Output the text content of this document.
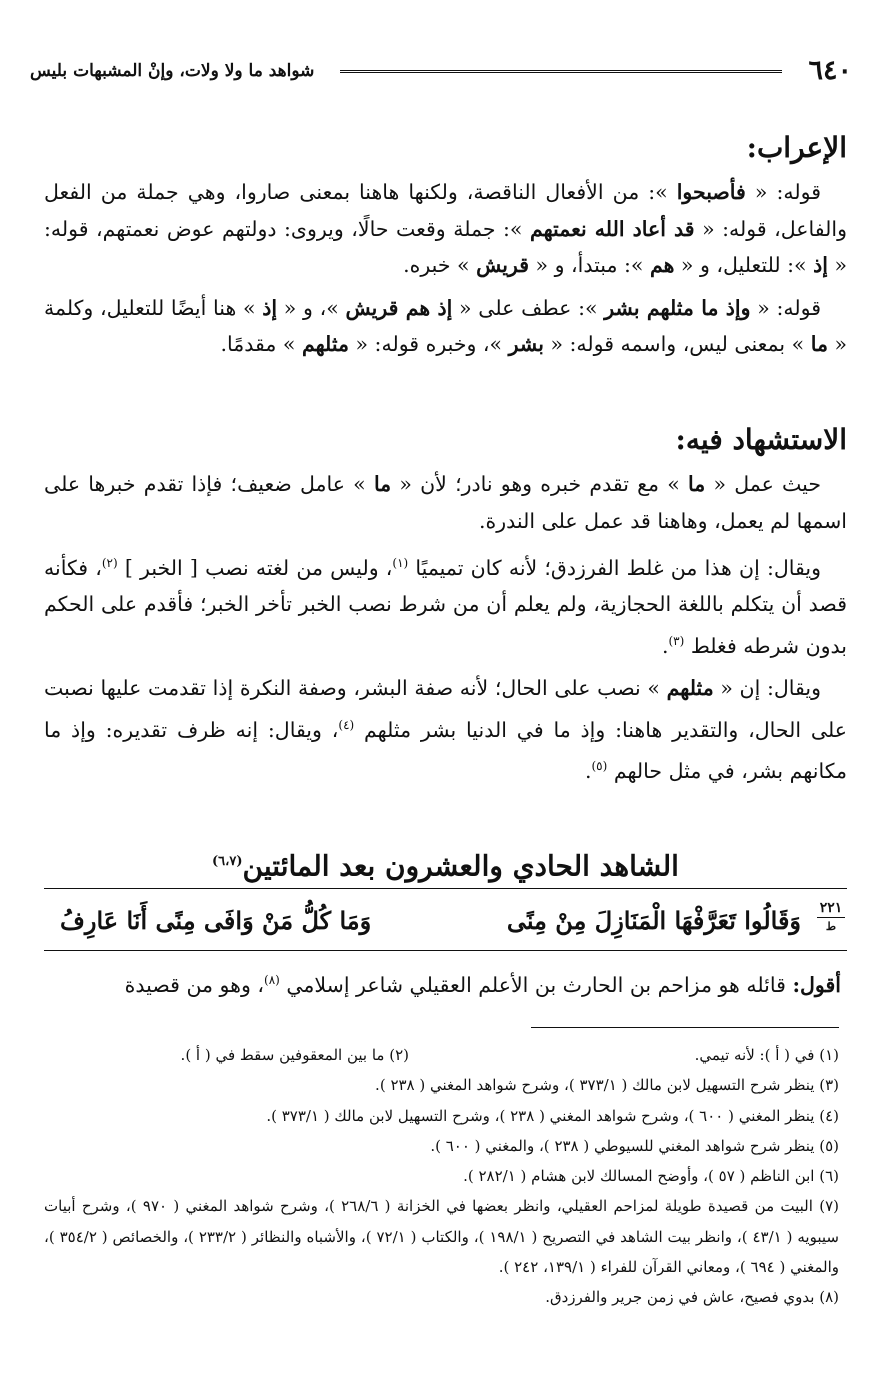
٦٤٠
شواهد ما ولا ولات، وإنْ المشبهات بليس
الإعراب:

قوله: « فأصبحوا »: من الأفعال الناقصة، ولكنها هاهنا بمعنى صاروا، وهي جملة من الفعل والفاعل، قوله: « قد أعاد الله نعمتهم »: جملة وقعت حالًا، ويروى: دولتهم عوض نعمتهم، قوله: « إذ »: للتعليل، و « هم »: مبتدأ، و « قريش » خبره.

قوله: « وإذ ما مثلهم بشر »: عطف على « إذ هم قريش »، و « إذ » هنا أيضًا للتعليل، وكلمة « ما » بمعنى ليس، واسمه قوله: « بشر »، وخبره قوله: « مثلهم » مقدمًا.

الاستشهاد فيه:

حيث عمل « ما » مع تقدم خبره وهو نادر؛ لأن « ما » عامل ضعيف؛ فإذا تقدم خبرها على اسمها لم يعمل، وهاهنا قد عمل على الندرة.

ويقال: إن هذا من غلط الفرزدق؛ لأنه كان تميميًا $^{(١)}$، وليس من لغته نصب [ الخبر ] $^{(٢)}$، فكأنه قصد أن يتكلم باللغة الحجازية، ولم يعلم أن من شرط نصب الخبر تأخر الخبر؛ فأقدم على الحكم بدون شرطه فغلط $^{(٣)}$.

ويقال: إن « مثلهم » نصب على الحال؛ لأنه صفة البشر، وصفة النكرة إذا تقدمت عليها نصبت على الحال، والتقدير هاهنا: وإذ ما في الدنيا بشر مثلهم $^{(٤)}$، ويقال: إنه ظرف تقديره: وإذ ما مكانهم بشر، في مثل حالهم $^{(٥)}$.

الشاهد الحادي والعشرون بعد المائتين$^{(٦،٧)}$
٢٢١
ط
وَقَالُوا تَعَرَّفْهَا الْمَنَازِلَ مِنْ مِنًى
وَمَا كُلُّ مَنْ وَافَى مِنًى أَنَا عَارِفُ

أقول: قائله هو مزاحم بن الحارث بن الأعلم العقيلي شاعر إسلامي $^{(٨)}$، وهو من قصيدة

(١) في ( أ ): لأنه تيمي.
(٢) ما بين المعقوفين سقط في ( أ ).
(٣) ينظر شرح التسهيل لابن مالك ( ٣٧٣/١ )، وشرح شواهد المغني ( ٢٣٨ ).
(٤) ينظر المغني ( ٦٠٠ )، وشرح شواهد المغني ( ٢٣٨ )، وشرح التسهيل لابن مالك ( ٣٧٣/١ ).
(٥) ينظر شرح شواهد المغني للسيوطي ( ٢٣٨ )، والمغني ( ٦٠٠ ).
(٦) ابن الناظم ( ٥٧ )، وأوضح المسالك لابن هشام ( ٢٨٢/١ ).
(٧) البيت من قصيدة طويلة لمزاحم العقيلي، وانظر بعضها في الخزانة ( ٢٦٨/٦ )، وشرح شواهد المغني ( ٩٧٠ )، وشرح أبيات سيبويه ( ٤٣/١ )، وانظر بيت الشاهد في التصريح ( ١٩٨/١ )، والكتاب ( ٧٢/١ )، والأشباه والنظائر ( ٢٣٣/٢ )، والخصائص ( ٣٥٤/٢ )، والمغني ( ٦٩٤ )، ومعاني القرآن للفراء ( ١٣٩/١، ٢٤٢ ).
(٨) بدوي فصيح، عاش في زمن جرير والفرزدق.
